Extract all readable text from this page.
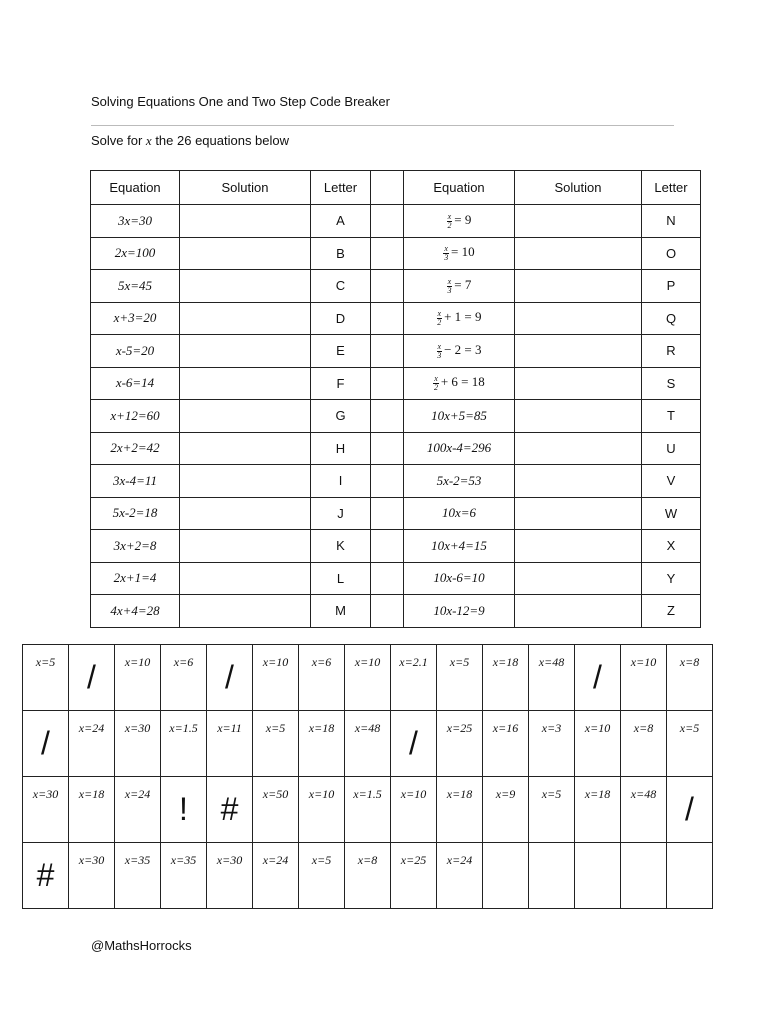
Solving Equations One and Two Step Code Breaker
Solve for x the 26 equations below
Equation	Solution	Letter		Equation	Solution	Letter
3x=30		A		$\frac{x}{2} = 9$		N
2x=100		B		$\frac{x}{3} = 10$		O
5x=45		C		$\frac{x}{3} = 7$		P
x+3=20		D		$\frac{x}{2} + 1 = 9$		Q
x-5=20		E		$\frac{x}{3} - 2 = 3$		R
x-6=14		F		$\frac{x}{2} + 6 = 18$		S
x+12=60		G		10x+5=85		T
2x+2=42		H		100x-4=296		U
3x-4=11		I		5x-2=53		V
5x-2=18		J		10x=6		W
3x+2=8		K		10x+4=15		X
2x+1=4		L		10x-6=10		Y
4x+4=28		M		10x-12=9		Z
x=5	/	x=10	x=6	/	x=10	x=6	x=10	x=2.1	x=5	x=18	x=48	/	x=10	x=8
/	x=24	x=30	x=1.5	x=11	x=5	x=18	x=48	/	x=25	x=16	x=3	x=10	x=8	x=5
x=30	x=18	x=24	!	#	x=50	x=10	x=1.5	x=10	x=18	x=9	x=5	x=18	x=48	/
#	x=30	x=35	x=35	x=30	x=24	x=5	x=8	x=25	x=24					
@MathsHorrocks
